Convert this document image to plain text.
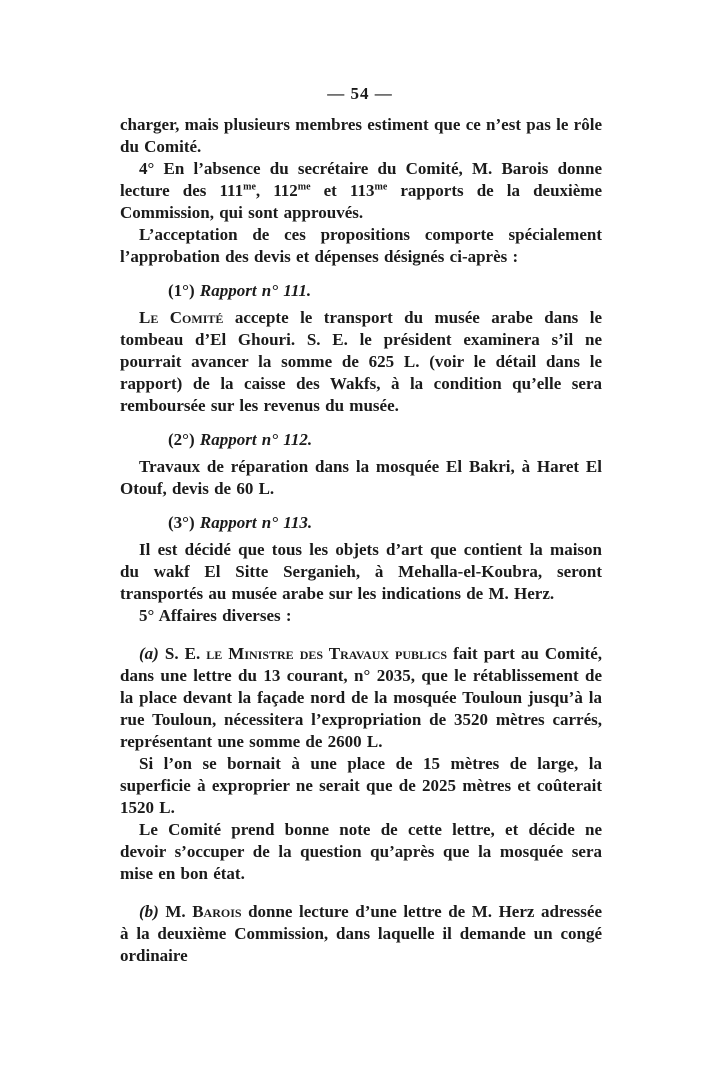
— 54 —

charger, mais plusieurs membres estiment que ce n’est pas le rôle du Comité.

4° En l’absence du secrétaire du Comité, M. Barois donne lecture des $111^{me}$, $112^{me}$ et $113^{me}$ rapports de la deuxième Commission, qui sont approuvés.

L’acceptation de ces propositions comporte spécialement l’approbation des devis et dépenses désignés ci-après :

(1°) Rapport n° 111.

Le Comité accepte le transport du musée arabe dans le tombeau d’El Ghouri. S. E. le président examinera s’il ne pourrait avancer la somme de 625 L. (voir le détail dans le rapport) de la caisse des Wakfs, à la condition qu’elle sera remboursée sur les revenus du musée.

(2°) Rapport n° 112.

Travaux de réparation dans la mosquée El Bakri, à Haret El Otouf, devis de 60 L.

(3°) Rapport n° 113.

Il est décidé que tous les objets d’art que contient la maison du wakf El Sitte Serganieh, à Mehalla-el-Koubra, seront transportés au musée arabe sur les indications de M. Herz.

5° Affaires diverses :

(a) S. E. le Ministre des Travaux publics fait part au Comité, dans une lettre du 13 courant, n° 2035, que le rétablissement de la place devant la façade nord de la mosquée Touloun jusqu’à la rue Touloun, nécessitera l’expropriation de 3520 mètres carrés, représentant une somme de 2600 L.

Si l’on se bornait à une place de 15 mètres de large, la superficie à exproprier ne serait que de 2025 mètres et coûterait 1520 L.

Le Comité prend bonne note de cette lettre, et décide ne devoir s’occuper de la question qu’après que la mosquée sera mise en bon état.

(b) M. Barois donne lecture d’une lettre de M. Herz adressée à la deuxième Commission, dans laquelle il demande un congé ordinaire
